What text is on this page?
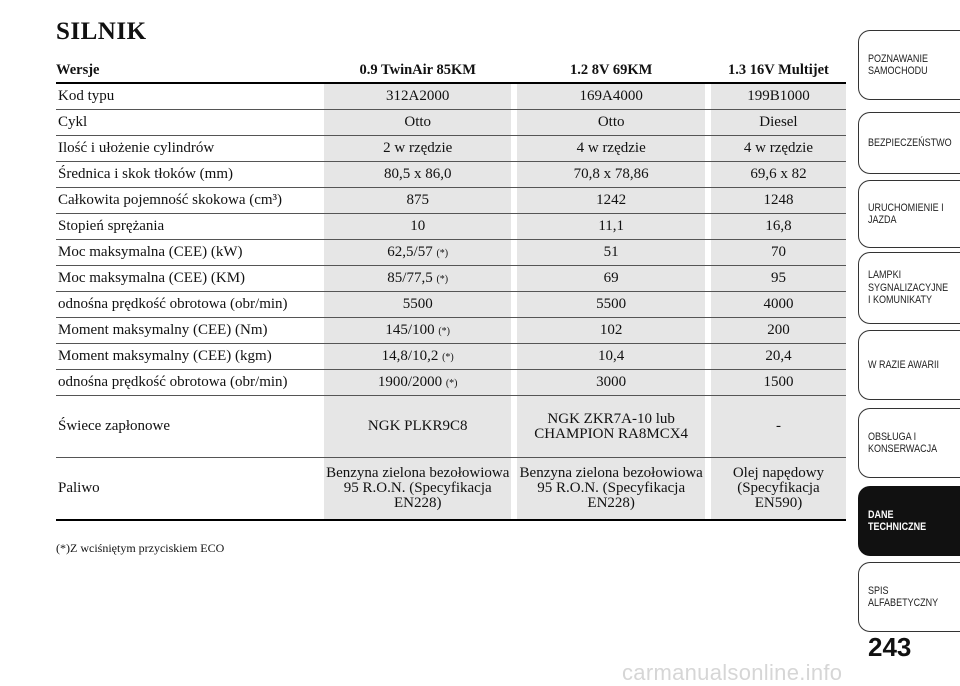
SILNIK
Wersje		0.9 TwinAir 85KM		1.2 8V 69KM		1.3 16V Multijet
Kod typu		312A2000		169A4000		199B1000
Cykl		Otto		Otto		Diesel
Ilość i ułożenie cylindrów		2 w rzędzie		4 w rzędzie		4 w rzędzie
Średnica i skok tłoków (mm)		80,5 x 86,0		70,8 x 78,86		69,6 x 82
Całkowita pojemność skokowa (cm³)		875		1242		1248
Stopień sprężania		10		11,1		16,8
Moc maksymalna (CEE) (kW)		62,5/57 (*)		51		70
Moc maksymalna (CEE) (KM)		85/77,5 (*)		69		95
odnośna prędkość obrotowa (obr/min)		5500		5500		4000
Moment maksymalny (CEE) (Nm)		145/100 (*)		102		200
Moment maksymalny (CEE) (kgm)		14,8/10,2 (*)		10,4		20,4
odnośna prędkość obrotowa (obr/min)		1900/2000 (*)		3000		1500
Świece zapłonowe		NGK PLKR9C8		NGK ZKR7A-10 lub CHAMPION RA8MCX4		-
Paliwo		Benzyna zielona bezołowiowa 95 R.O.N. (Specyfikacja EN228)		Benzyna zielona bezołowiowa 95 R.O.N. (Specyfikacja EN228)		Olej napędowy (Specyfikacja EN590)
(*)Z wciśniętym przyciskiem ECO
POZNAWANIE
SAMOCHODU
BEZPIECZEŃSTWO
URUCHOMIENIE I
JAZDA
LAMPKI
SYGNALIZACYJNE
I KOMUNIKATY
W RAZIE AWARII
OBSŁUGA I
KONSERWACJA
DANE
TECHNICZNE
SPIS
ALFABETYCZNY
243
carmanualsonline.info
